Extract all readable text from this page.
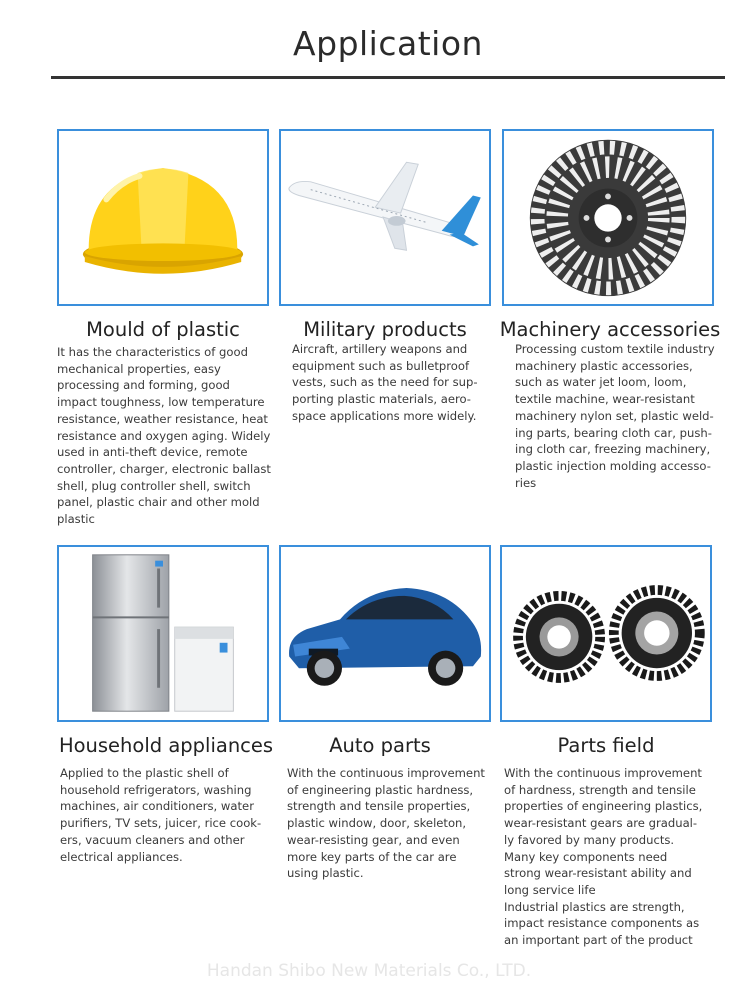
Application
Mould of plastic
It has the characteristics of good
mechanical properties, easy
processing and forming, good
impact toughness, low temperature
resistance, weather resistance, heat
resistance and oxygen aging. Widely
used in anti-theft device, remote
controller, charger, electronic ballast
shell, plug controller shell, switch
panel, plastic chair and other mold
plastic
Military products
Aircraft, artillery weapons and
equipment such as bulletproof
vests, such as the need for sup-
porting plastic materials, aero-
space applications more widely.
Machinery accessories
Processing custom textile industry
machinery plastic accessories,
such as water jet loom, loom,
textile machine, wear-resistant
machinery nylon set, plastic weld-
ing parts, bearing cloth car, push-
ing cloth car, freezing machinery,
plastic injection molding accesso-
ries
Household appliances
Applied to the plastic shell of
household refrigerators, washing
machines, air conditioners, water
purifiers, TV sets, juicer, rice cook-
ers, vacuum cleaners and other
electrical appliances.
Auto parts
With the continuous improvement
of engineering plastic hardness,
strength and tensile properties,
plastic window, door, skeleton,
wear-resisting gear, and even
more key parts of the car are
using plastic.
Parts field
With the continuous improvement
of hardness, strength and tensile
properties of engineering plastics,
wear-resistant gears are gradual-
ly favored by many products.
Many key components need
strong wear-resistant ability and
long service life
Industrial plastics are strength,
impact resistance components as
an important part of the product
Handan Shibo New Materials Co., LTD.
